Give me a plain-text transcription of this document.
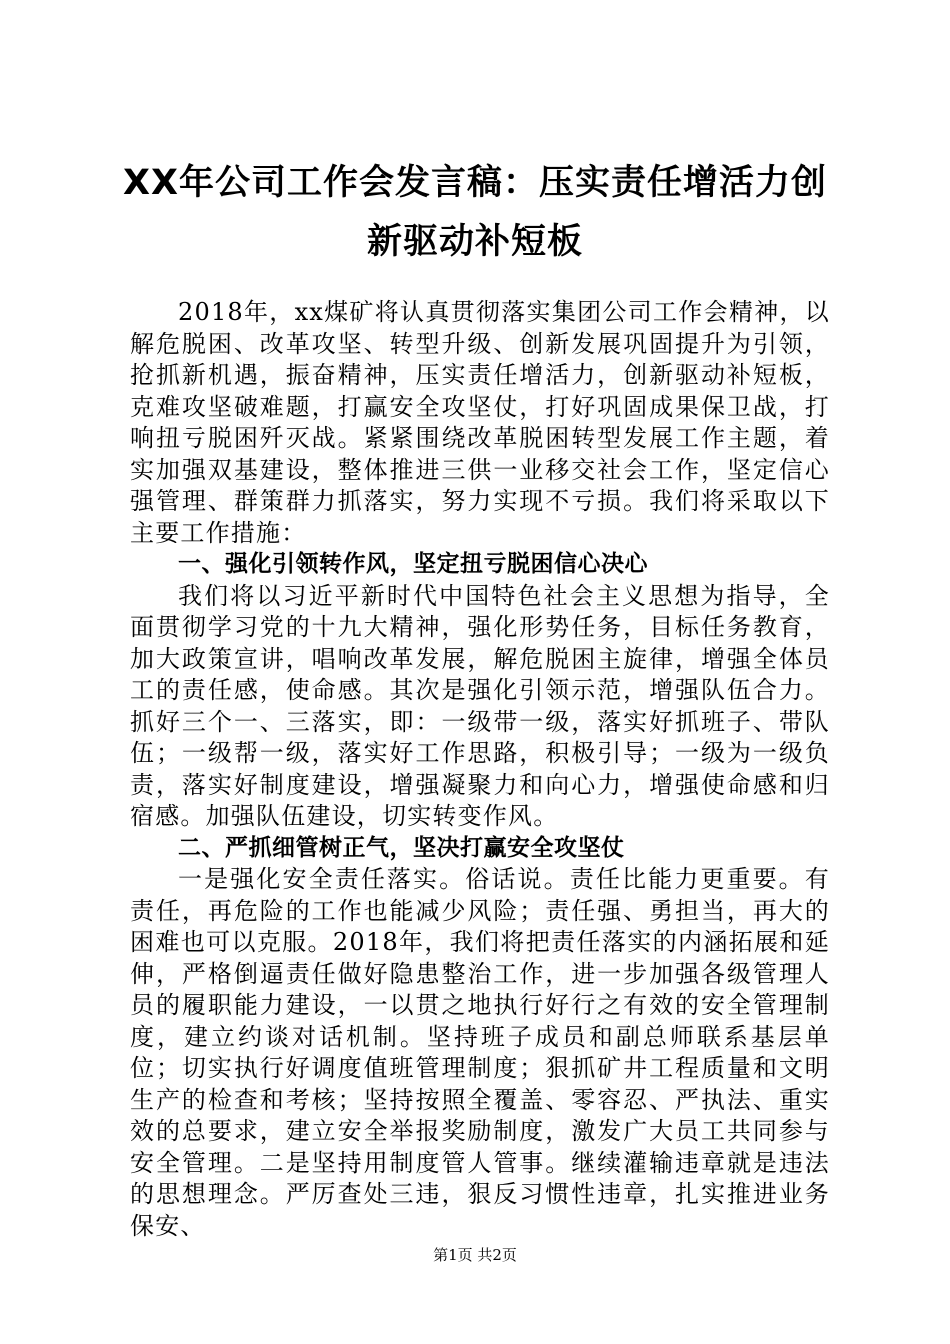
XX年公司工作会发言稿：压实责任增活力创
新驱动补短板

2018年，xx煤矿将认真贯彻落实集团公司工作会精神，以解危脱困、改革攻坚、转型升级、创新发展巩固提升为引领，抢抓新机遇，振奋精神，压实责任增活力，创新驱动补短板，克难攻坚破难题，打赢安全攻坚仗，打好巩固成果保卫战，打响扭亏脱困歼灭战。紧紧围绕改革脱困转型发展工作主题，着实加强双基建设，整体推进三供一业移交社会工作，坚定信心强管理、群策群力抓落实，努力实现不亏损。我们将采取以下主要工作措施：

一、强化引领转作风，坚定扭亏脱困信心决心

我们将以习近平新时代中国特色社会主义思想为指导，全面贯彻学习党的十九大精神，强化形势任务，目标任务教育，加大政策宣讲，唱响改革发展，解危脱困主旋律，增强全体员工的责任感，使命感。其次是强化引领示范，增强队伍合力。抓好三个一、三落实，即：一级带一级，落实好抓班子、带队伍；一级帮一级，落实好工作思路，积极引导；一级为一级负责，落实好制度建设，增强凝聚力和向心力，增强使命感和归宿感。加强队伍建设，切实转变作风。

二、严抓细管树正气，坚决打赢安全攻坚仗

一是强化安全责任落实。俗话说。责任比能力更重要。有责任，再危险的工作也能减少风险；责任强、勇担当，再大的困难也可以克服。2018年，我们将把责任落实的内涵拓展和延伸，严格倒逼责任做好隐患整治工作，进一步加强各级管理人员的履职能力建设，一以贯之地执行好行之有效的安全管理制度，建立约谈对话机制。坚持班子成员和副总师联系基层单位；切实执行好调度值班管理制度；狠抓矿井工程质量和文明生产的检查和考核；坚持按照全覆盖、零容忍、严执法、重实效的总要求，建立安全举报奖励制度，激发广大员工共同参与安全管理。二是坚持用制度管人管事。继续灌输违章就是违法的思想理念。严厉查处三违，狠反习惯性违章，扎实推进业务保安、

第1页 共2页
